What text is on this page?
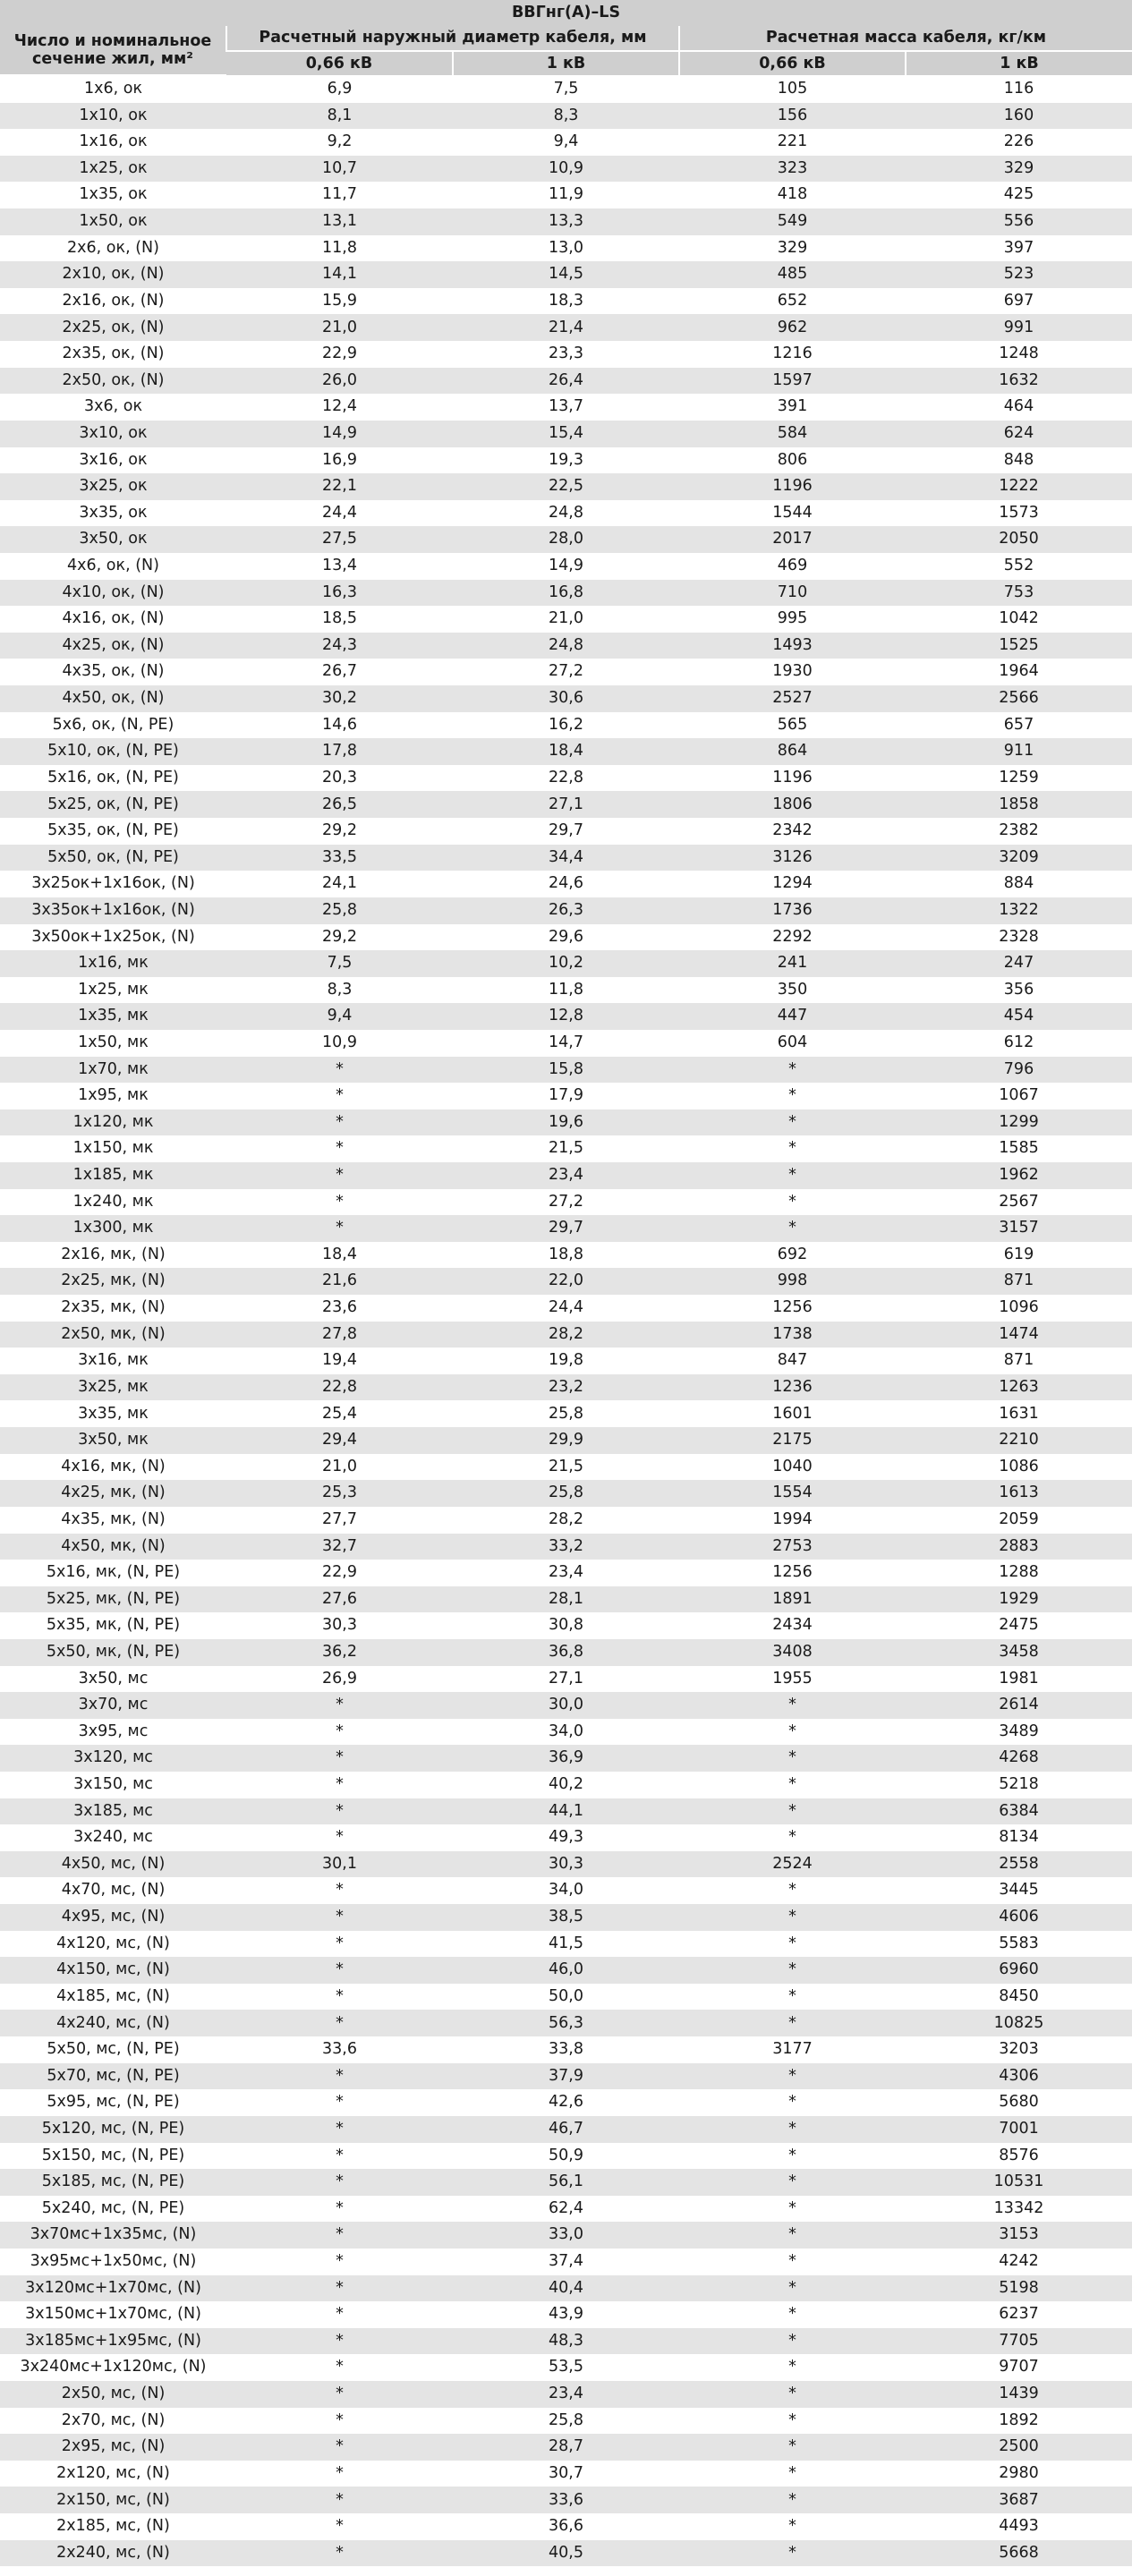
ВВГнг(А)–LS				
Число и номинальное сечение жил, мм²	Расчетный наружный диаметр кабеля, мм		Расчетная масса кабеля, кг/км	
	0,66 кВ	1 кВ	0,66 кВ	1 кВ
1х6, ок	6,9	7,5	105	116
1х10, ок	8,1	8,3	156	160
1х16, ок	9,2	9,4	221	226
1х25, ок	10,7	10,9	323	329
1х35, ок	11,7	11,9	418	425
1х50, ок	13,1	13,3	549	556
2х6, ок, (N)	11,8	13,0	329	397
2х10, ок, (N)	14,1	14,5	485	523
2х16, ок, (N)	15,9	18,3	652	697
2х25, ок, (N)	21,0	21,4	962	991
2х35, ок, (N)	22,9	23,3	1216	1248
2х50, ок, (N)	26,0	26,4	1597	1632
3х6, ок	12,4	13,7	391	464
3х10, ок	14,9	15,4	584	624
3х16, ок	16,9	19,3	806	848
3х25, ок	22,1	22,5	1196	1222
3х35, ок	24,4	24,8	1544	1573
3х50, ок	27,5	28,0	2017	2050
4х6, ок, (N)	13,4	14,9	469	552
4х10, ок, (N)	16,3	16,8	710	753
4х16, ок, (N)	18,5	21,0	995	1042
4х25, ок, (N)	24,3	24,8	1493	1525
4х35, ок, (N)	26,7	27,2	1930	1964
4х50, ок, (N)	30,2	30,6	2527	2566
5х6, ок, (N, PE)	14,6	16,2	565	657
5х10, ок, (N, PE)	17,8	18,4	864	911
5х16, ок, (N, PE)	20,3	22,8	1196	1259
5х25, ок, (N, PE)	26,5	27,1	1806	1858
5х35, ок, (N, PE)	29,2	29,7	2342	2382
5х50, ок, (N, PE)	33,5	34,4	3126	3209
3х25ок+1х16ок, (N)	24,1	24,6	1294	884
3х35ок+1х16ок, (N)	25,8	26,3	1736	1322
3х50ок+1х25ок, (N)	29,2	29,6	2292	2328
1х16, мк	7,5	10,2	241	247
1х25, мк	8,3	11,8	350	356
1х35, мк	9,4	12,8	447	454
1х50, мк	10,9	14,7	604	612
1х70, мк	*	15,8	*	796
1х95, мк	*	17,9	*	1067
1х120, мк	*	19,6	*	1299
1х150, мк	*	21,5	*	1585
1х185, мк	*	23,4	*	1962
1х240, мк	*	27,2	*	2567
1х300, мк	*	29,7	*	3157
2х16, мк, (N)	18,4	18,8	692	619
2х25, мк, (N)	21,6	22,0	998	871
2х35, мк, (N)	23,6	24,4	1256	1096
2х50, мк, (N)	27,8	28,2	1738	1474
3х16, мк	19,4	19,8	847	871
3х25, мк	22,8	23,2	1236	1263
3х35, мк	25,4	25,8	1601	1631
3х50, мк	29,4	29,9	2175	2210
4х16, мк, (N)	21,0	21,5	1040	1086
4х25, мк, (N)	25,3	25,8	1554	1613
4х35, мк, (N)	27,7	28,2	1994	2059
4х50, мк, (N)	32,7	33,2	2753	2883
5х16, мк, (N, PE)	22,9	23,4	1256	1288
5х25, мк, (N, PE)	27,6	28,1	1891	1929
5х35, мк, (N, PE)	30,3	30,8	2434	2475
5х50, мк, (N, PE)	36,2	36,8	3408	3458
3х50, мс	26,9	27,1	1955	1981
3х70, мс	*	30,0	*	2614
3х95, мс	*	34,0	*	3489
3х120, мс	*	36,9	*	4268
3х150, мс	*	40,2	*	5218
3х185, мс	*	44,1	*	6384
3х240, мс	*	49,3	*	8134
4х50, мс, (N)	30,1	30,3	2524	2558
4х70, мс, (N)	*	34,0	*	3445
4х95, мс, (N)	*	38,5	*	4606
4х120, мс, (N)	*	41,5	*	5583
4х150, мс, (N)	*	46,0	*	6960
4х185, мс, (N)	*	50,0	*	8450
4х240, мс, (N)	*	56,3	*	10825
5х50, мс, (N, PE)	33,6	33,8	3177	3203
5х70, мс, (N, PE)	*	37,9	*	4306
5х95, мс, (N, PE)	*	42,6	*	5680
5х120, мс, (N, PE)	*	46,7	*	7001
5х150, мс, (N, PE)	*	50,9	*	8576
5х185, мс, (N, PE)	*	56,1	*	10531
5х240, мс, (N, PE)	*	62,4	*	13342
3х70мс+1х35мс, (N)	*	33,0	*	3153
3х95мс+1х50мс, (N)	*	37,4	*	4242
3х120мс+1х70мс, (N)	*	40,4	*	5198
3х150мс+1х70мс, (N)	*	43,9	*	6237
3х185мс+1х95мс, (N)	*	48,3	*	7705
3х240мс+1х120мс, (N)	*	53,5	*	9707
2х50, мс, (N)	*	23,4	*	1439
2х70, мс, (N)	*	25,8	*	1892
2х95, мс, (N)	*	28,7	*	2500
2х120, мс, (N)	*	30,7	*	2980
2х150, мс, (N)	*	33,6	*	3687
2х185, мс, (N)	*	36,6	*	4493
2х240, мс, (N)	*	40,5	*	5668
